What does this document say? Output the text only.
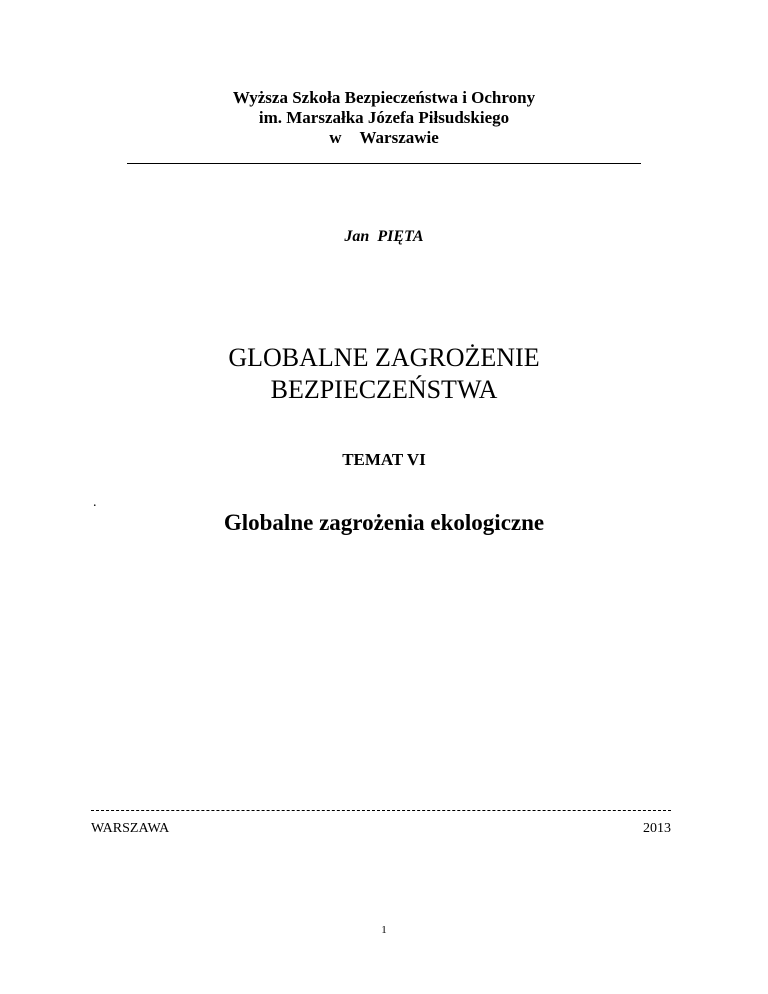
Wyższa Szkoła Bezpieczeństwa i Ochrony
im. Marszałka Józefa Piłsudskiego
w Warszawie
Jan  PIĘTA
GLOBALNE ZAGROŻENIE
BEZPIECZEŃSTWA
TEMAT VI
.
Globalne zagrożenia ekologiczne
WARSZAWA	2013
1
